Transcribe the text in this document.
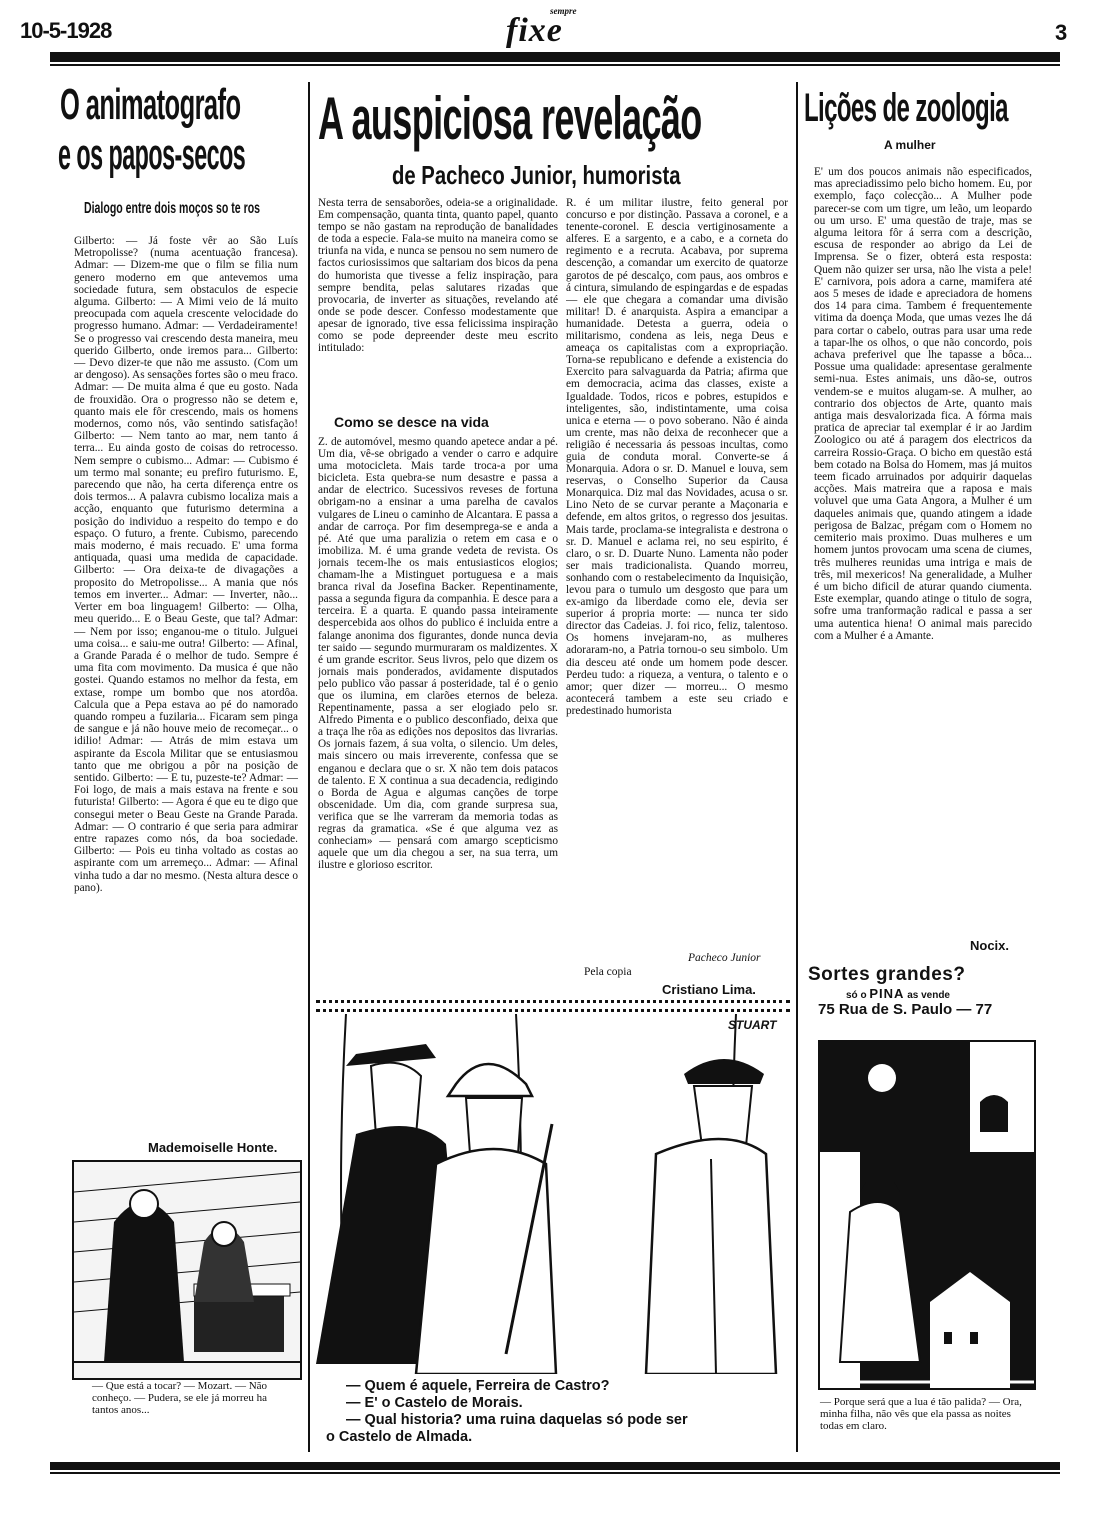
10-5-1928
sempre
fixe	3
O animatografo
e os papos-secos
Dialogo entre dois moços so te ros

Gilberto: — Já foste vêr ao São Luís Metropolisse? (numa acentuação francesa). Admar: — Dizem-me que o film se filia num genero moderno em que antevemos uma sociedade futura, sem obstaculos de especie alguma. Gilberto: — A Mimi veio de lá muito preocupada com aquela crescente velocidade do progresso humano. Admar: — Verdadeiramente! Se o progresso vai crescendo desta maneira, meu querido Gilberto, onde iremos para... Gilberto: — Devo dizer-te que não me assusto. (Com um ar dengoso). As sensações fortes são o meu fraco. Admar: — De muita alma é que eu gosto. Nada de frouxidão. Ora o progresso não se detem e, quanto mais ele fôr crescendo, mais os homens modernos, como nós, vão sentindo satisfação! Gilberto: — Nem tanto ao mar, nem tanto á terra... Eu ainda gosto de coisas do retrocesso. Nem sempre o cubismo... Admar: — Cubismo é um termo mal sonante; eu prefiro futurismo. E, parecendo que não, ha certa diferença entre os dois termos... A palavra cubismo localiza mais a acção, enquanto que futurismo determina a posição do individuo a respeito do tempo e do espaço. O futuro, a frente. Cubismo, parecendo mais moderno, é mais recuado. E' uma forma antiquada, quasi uma medida de capacidade. Gilberto: — Ora deixa-te de divagações a proposito do Metropolisse... A mania que nós temos em inverter... Admar: — Inverter, não... Verter em boa linguagem! Gilberto: — Olha, meu querido... E o Beau Geste, que tal? Admar: — Nem por isso; enganou-me o titulo. Julguei uma coisa... e saiu-me outra! Gilberto: — Afinal, a Grande Parada é o melhor de tudo. Sempre é uma fita com movimento. Da musica é que não gostei. Quando estamos no melhor da festa, em extase, rompe um bombo que nos atordôa. Calcula que a Pepa estava ao pé do namorado quando rompeu a fuzilaria... Ficaram sem pinga de sangue e já não houve meio de recomeçar... o idilio! Admar: — Atrás de mim estava um aspirante da Escola Militar que se entusiasmou tanto que me obrigou a pôr na posição de sentido. Gilberto: — E tu, puzeste-te? Admar: — Foi logo, de mais a mais estava na frente e sou futurista! Gilberto: — Agora é que eu te digo que consegui meter o Beau Geste na Grande Parada. Admar: — O contrario é que seria para admirar entre rapazes como nós, da boa sociedade. Gilberto: — Pois eu tinha voltado as costas ao aspirante com um arremeço... Admar: — Afinal vinha tudo a dar no mesmo. (Nesta altura desce o pano).

Mademoiselle Honte.
— Que está a tocar? — Mozart. — Não conheço. — Pudera, se ele já morreu ha tantos anos...
A auspiciosa revelação
de Pacheco Junior, humorista

Nesta terra de sensaborões, odeia-se a originalidade. Em compensação, quanta tinta, quanto papel, quanto tempo se não gastam na reprodução de banalidades de toda a especie. Fala-se muito na maneira como se triunfa na vida, e nunca se pensou no sem numero de factos curiosissimos que saltariam dos bicos da pena do humorista que tivesse a feliz inspiração, para sempre bendita, pelas salutares rizadas que provocaria, de inverter as situações, revelando até onde se pode descer. Confesso modestamente que apesar de ignorado, tive essa felicissima inspiração como se pode depreender deste meu escrito intitulado:

Como se desce na vida

Z. de automóvel, mesmo quando apetece andar a pé. Um dia, vê-se obrigado a vender o carro e adquire uma motocicleta. Mais tarde troca-a por uma bicicleta. Esta quebra-se num desastre e passa a andar de electrico. Sucessivos reveses de fortuna obrigam-no a ensinar a uma parelha de cavalos vulgares de Lineu o caminho de Alcantara. E passa a andar de carroça. Por fim desemprega-se e anda a pé. Até que uma paralizia o retem em casa e o imobiliza. M. é uma grande vedeta de revista. Os jornais tecem-lhe os mais entusiasticos elogios; chamam-lhe a Mistinguet portuguesa e a mais branca rival da Josefina Backer. Repentinamente, passa a segunda figura da companhia. E desce para a terceira. E a quarta. E quando passa inteiramente despercebida aos olhos do publico é incluida entre a falange anonima dos figurantes, donde nunca devia ter saido — segundo murmuraram os maldizentes. X é um grande escritor. Seus livros, pelo que dizem os jornais mais ponderados, avidamente disputados pelo publico vão passar á posteridade, tal é o genio que os ilumina, em clarões eternos de beleza. Repentinamente, passa a ser elogiado pelo sr. Alfredo Pimenta e o publico desconfiado, deixa que a traça lhe rôa as edições nos depositos das livrarias. Os jornais fazem, á sua volta, o silencio. Um deles, mais sincero ou mais irreverente, confessa que se enganou e declara que o sr. X não tem dois patacos de talento. E X continua a sua decadencia, redigindo o Borda de Agua e algumas canções de torpe obscenidade. Um dia, com grande surpresa sua, verifica que se lhe varreram da memoria todas as regras da gramatica. «Se é que alguma vez as conheciam» — pensará com amargo scepticismo aquele que um dia chegou a ser, na sua terra, um ilustre e glorioso escritor.

R. é um militar ilustre, feito general por concurso e por distinção. Passava a coronel, e a tenente-coronel. E descia vertiginosamente a alferes. E a sargento, e a cabo, e a corneta do regimento e a recruta. Acabava, por suprema descenção, a comandar um exercito de quatorze garotos de pé descalço, com paus, aos ombros e á cintura, simulando de espingardas e de espadas — ele que chegara a comandar uma divisão militar! D. é anarquista. Aspira a emancipar a humanidade. Detesta a guerra, odeia o militarismo, condena as leis, nega Deus e ameaça os capitalistas com a expropriação. Torna-se republicano e defende a existencia do Exercito para salvaguarda da Patria; afirma que em democracia, acima das classes, existe a Igualdade. Todos, ricos e pobres, estupidos e inteligentes, são, indistintamente, uma coisa unica e eterna — o povo soberano. Não é ainda um crente, mas não deixa de reconhecer que a religião é necessaria ás pessoas incultas, como guia de conduta moral. Converte-se á Monarquia. Adora o sr. D. Manuel e louva, sem reservas, o Conselho Superior da Causa Monarquica. Diz mal das Novidades, acusa o sr. Lino Neto de se curvar perante a Maçonaria e defende, em altos gritos, o regresso dos jesuitas. Mais tarde, proclama-se integralista e destrona o sr. D. Manuel e aclama rei, no seu espirito, é claro, o sr. D. Duarte Nuno. Lamenta não poder ser mais tradicionalista. Quando morreu, sonhando com o restabelecimento da Inquisição, levou para o tumulo um desgosto que para um ex-amigo da liberdade como ele, devia ser superior á propria morte: — nunca ter sido director das Cadeias. J. foi rico, feliz, talentoso. Os homens invejaram-no, as mulheres adoraram-no, a Patria tornou-o seu simbolo. Um dia desceu até onde um homem pode descer. Perdeu tudo: a riqueza, a ventura, o talento e o amor; quer dizer — morreu... O mesmo acontecerá tambem a este seu criado e predestinado humorista

Pacheco Junior
Pela copia
Cristiano Lima.
STUART
— Quem é aquele, Ferreira de Castro?
— E' o Castelo de Morais.
— Qual historia? uma ruina daquelas só pode ser
o Castelo de Almada.
Lições de zoologia
A mulher

E' um dos poucos animais não especificados, mas apreciadissimo pelo bicho homem. Eu, por exemplo, faço colecção... A Mulher pode parecer-se com um tigre, um leão, um leopardo ou um urso. E' uma questão de traje, mas se alguma leitora fôr á serra com a descrição, escusa de responder ao abrigo da Lei de Imprensa. Se o fizer, obterá esta resposta: Quem não quizer ser ursa, não lhe vista a pele! E' carnivora, pois adora a carne, mamifera até aos 5 meses de idade e apreciadora de homens dos 14 para cima. Tambem é frequentemente vitima da doença Moda, que umas vezes lhe dá para cortar o cabelo, outras para usar uma rede a tapar-lhe os olhos, o que não concordo, pois achava preferivel que lhe tapasse a bôca... Possue uma qualidade: apresentase geralmente semi-nua. Estes animais, uns dão-se, outros vendem-se e muitos alugam-se. A mulher, ao contrario dos objectos de Arte, quanto mais antiga mais desvalorizada fica. A fórma mais pratica de apreciar tal exemplar é ir ao Jardim Zoologico ou até á paragem dos electricos da carreira Rossio-Graça. O bicho em questão está bem cotado na Bolsa do Homem, mas já muitos teem ficado arruinados por adquirir daquelas acções. Mais matreira que a raposa e mais voluvel que uma Gata Angora, a Mulher é um daqueles animais que, quando atingem a idade perigosa de Balzac, prégam com o Homem no cemiterio mais proximo. Duas mulheres e um homem juntos provocam uma scena de ciumes, três mulheres reunidas uma intriga e mais de três, mil mexericos! Na generalidade, a Mulher é um bicho dificil de aturar quando ciumenta. Este exemplar, quando atinge o titulo de sogra, sofre uma tranformação radical e passa a ser uma autentica hiena! O animal mais parecido com a Mulher é a Amante.

Nocix.
Sortes grandes?
só o PINA as vende
75 Rua de S. Paulo — 77
— Porque será que a lua é tão palida? — Ora, minha filha, não vês que ela passa as noites todas em claro.
